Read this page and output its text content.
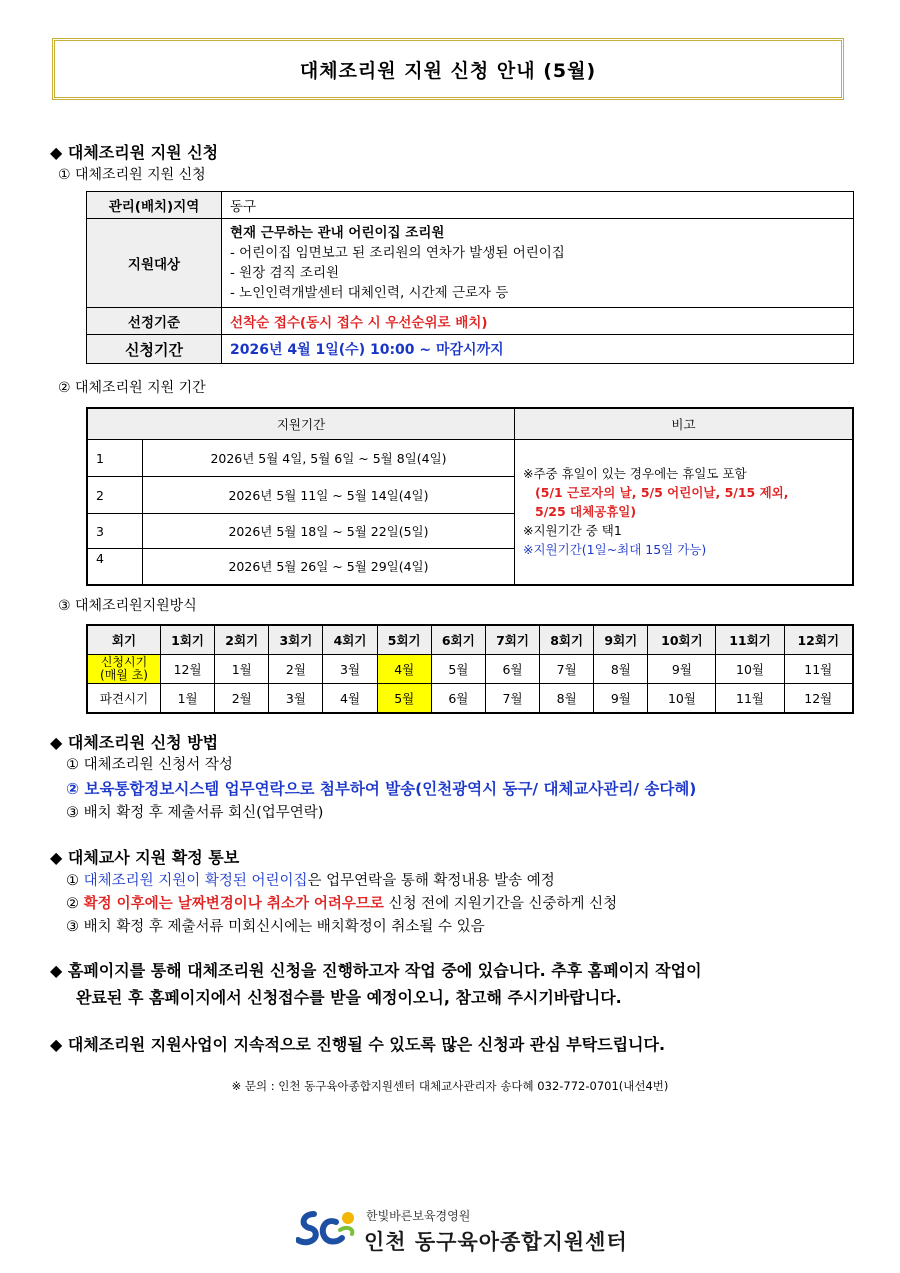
대체조리원 지원 신청 안내 (5월)
◆ 대체조리원 지원 신청
① 대체조리원 지원 신청
관리(배치)지역	동구
지원대상	현재 근무하는 관내 어린이집 조리원
- 어린이집 임면보고 된 조리원의 연차가 발생된 어린이집
- 원장 겸직 조리원
- 노인인력개발센터 대체인력, 시간제 근로자 등

선정기준	선착순 접수(동시 접수 시 우선순위로 배치)
신청기간	2026년 4월 1일(수) 10:00 ~ 마감시까지
② 대체조리원 지원 기간
지원기간		비고
1	2026년 5월 4일, 5월 6일 ~ 5월 8일(4일)	※주중 휴일이 있는 경우에는 휴일도 포함
(5/1 근로자의 날, 5/5 어린이날, 5/15 제외,
5/25 대체공휴일)
※지원기간 중 택1
※지원기간(1일~최대 15일 가능)

2	2026년 5월 11일 ~ 5월 14일(4일)	
3	2026년 5월 18일 ~ 5월 22일(5일)	
4	2026년 5월 26일 ~ 5월 29일(4일)	
③ 대체조리원지원방식
회기	1회기	2회기	3회기	4회기	5회기	6회기	7회기	8회기	9회기	10회기	11회기	12회기

신청시기
(매월 초)	12월	1월	2월	3월	4월	5월	6월	7월	8월	9월	10월	11월
파견시기	1월	2월	3월	4월	5월	6월	7월	8월	9월	10월	11월	12월
◆ 대체조리원 신청 방법
① 대체조리원 신청서 작성
② 보육통합정보시스템 업무연락으로 첨부하여 발송(인천광역시 동구/ 대체교사관리/ 송다혜)
③ 배치 확정 후 제출서류 회신(업무연락)
◆ 대체교사 지원 확정 통보
① 대체조리원 지원이 확정된 어린이집은 업무연락을 통해 확정내용 발송 예정
② 확정 이후에는 날짜변경이나 취소가 어려우므로 신청 전에 지원기간을 신중하게 신청
③ 배치 확정 후 제출서류 미회신시에는 배치확정이 취소될 수 있음
◆ 홈페이지를 통해 대체조리원 신청을 진행하고자 작업 중에 있습니다. 추후 홈페이지 작업이
완료된 후 홈페이지에서 신청접수를 받을 예정이오니, 참고해 주시기바랍니다.
◆ 대체조리원 지원사업이 지속적으로 진행될 수 있도록 많은 신청과 관심 부탁드립니다.
※ 문의 : 인천 동구육아종합지원센터 대체교사관리자 송다혜 032-772-0701(내선4번)
한빛바른보육경영원
인천 동구육아종합지원센터
